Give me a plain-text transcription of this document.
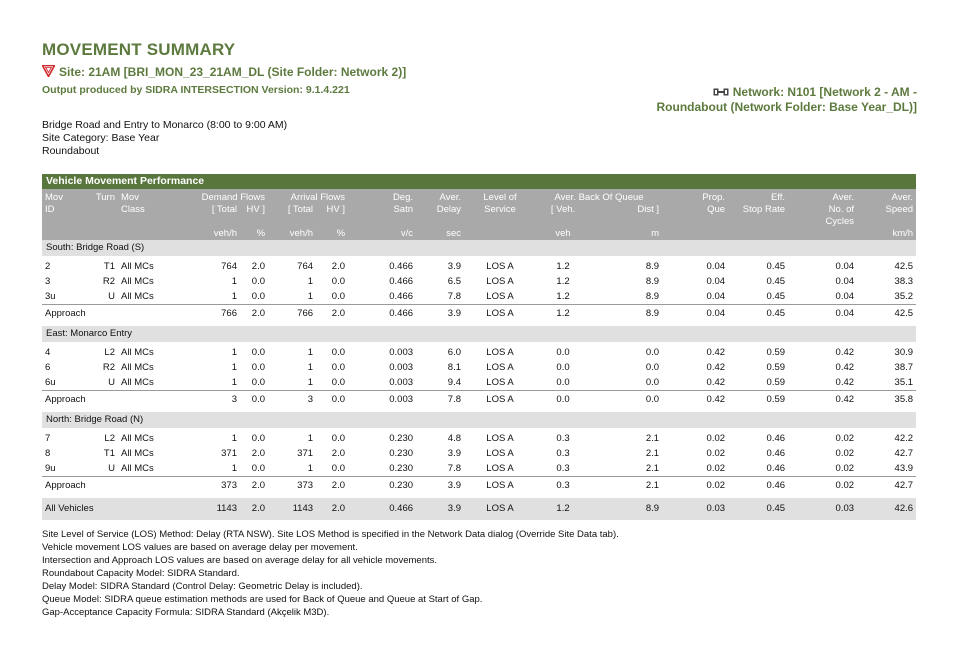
MOVEMENT SUMMARY
Site: 21AM [BRI_MON_23_21AM_DL (Site Folder: Network 2)]
Output produced by SIDRA INTERSECTION Version: 9.1.4.221	Network: N101 [Network 2 - AM -
Roundabout (Network Folder: Base Year_DL)]
Bridge Road and Entry to Monarco (8:00 to 9:00 AM)
Site Category: Base Year
Roundabout
Vehicle Movement Performance
Mov	Turn	Mov	Demand Flows		Arrival Flows		Deg.	Aver.	Level of	Aver. Back Of Queue		Prop.	Eff.	Aver.	Aver.
ID		Class	[ Total	HV ]	[ Total	HV ]	Satn	Delay	Service	[ Veh.	Dist ]	Que	Stop Rate	No. of	Speed
														Cycles	
			veh/h	%	veh/h	%	v/c	sec		veh	m				km/h
South: Bridge Road (S)															

2	T1	All MCs	764	2.0	764	2.0	0.466	3.9	LOS A	1.2	8.9	0.04	0.45	0.04	42.5
3	R2	All MCs	1	0.0	1	0.0	0.466	6.5	LOS A	1.2	8.9	0.04	0.45	0.04	38.3
3u	U	All MCs	1	0.0	1	0.0	0.466	7.8	LOS A	1.2	8.9	0.04	0.45	0.04	35.2
Approach			766	2.0	766	2.0	0.466	3.9	LOS A	1.2	8.9	0.04	0.45	0.04	42.5

East: Monarco Entry															

4	L2	All MCs	1	0.0	1	0.0	0.003	6.0	LOS A	0.0	0.0	0.42	0.59	0.42	30.9
6	R2	All MCs	1	0.0	1	0.0	0.003	8.1	LOS A	0.0	0.0	0.42	0.59	0.42	38.7
6u	U	All MCs	1	0.0	1	0.0	0.003	9.4	LOS A	0.0	0.0	0.42	0.59	0.42	35.1
Approach			3	0.0	3	0.0	0.003	7.8	LOS A	0.0	0.0	0.42	0.59	0.42	35.8

North: Bridge Road (N)															

7	L2	All MCs	1	0.0	1	0.0	0.230	4.8	LOS A	0.3	2.1	0.02	0.46	0.02	42.2
8	T1	All MCs	371	2.0	371	2.0	0.230	3.9	LOS A	0.3	2.1	0.02	0.46	0.02	42.7
9u	U	All MCs	1	0.0	1	0.0	0.230	7.8	LOS A	0.3	2.1	0.02	0.46	0.02	43.9
Approach			373	2.0	373	2.0	0.230	3.9	LOS A	0.3	2.1	0.02	0.46	0.02	42.7

All Vehicles			1143	2.0	1143	2.0	0.466	3.9	LOS A	1.2	8.9	0.03	0.45	0.03	42.6
Site Level of Service (LOS) Method: Delay (RTA NSW). Site LOS Method is specified in the Network Data dialog (Override Site Data tab).
Vehicle movement LOS values are based on average delay per movement.
Intersection and Approach LOS values are based on average delay for all vehicle movements.
Roundabout Capacity Model: SIDRA Standard.
Delay Model: SIDRA Standard (Control Delay: Geometric Delay is included).
Queue Model: SIDRA queue estimation methods are used for Back of Queue and Queue at Start of Gap.
Gap-Acceptance Capacity Formula: SIDRA Standard (Akçelik M3D).
